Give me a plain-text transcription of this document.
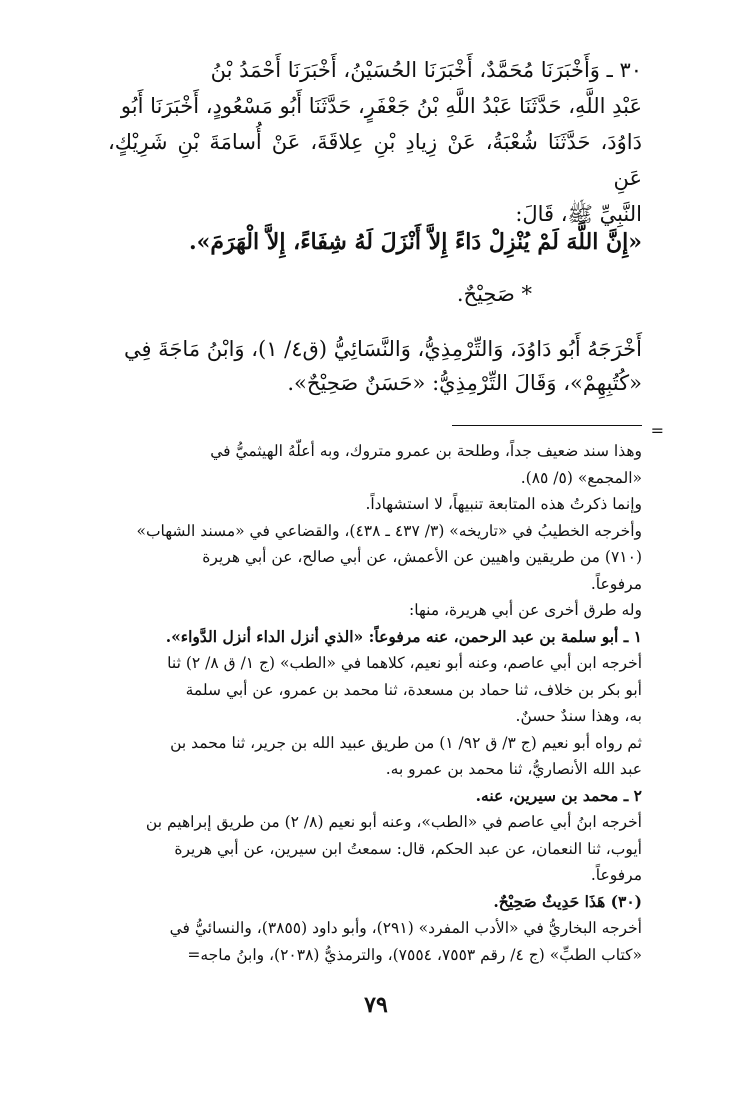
٣٠ ـ وَأَخْبَرَنَا مُحَمَّدٌ، أَخْبَرَنَا الحُسَيْنُ، أَخْبَرَنَا أَحْمَدُ بْنُ

عَبْدِ اللَّهِ، حَدَّثَنَا عَبْدُ اللَّهِ بْنُ جَعْفَرٍ، حَدَّثَنَا أَبُو مَسْعُودٍ، أَخْبَرَنَا أَبُو

دَاوُدَ، حَدَّثَنَا شُعْبَةُ، عَنْ زِيادِ بْنِ عِلاقَةَ، عَنْ أُسامَةَ بْنِ شَرِيْكٍ، عَنِ

النَّبِيِّ ﷺ، قَالَ:

«إِنَّ اللَّهَ لَمْ يُنْزِلْ دَاءً إِلاَّ أَنْزَلَ لَهُ شِفَاءً، إِلاَّ الْهَرَمَ».
* صَحِيْحٌ.

أَخْرَجَهُ أَبُو دَاوُدَ، وَالتِّرْمِذِيُّ، وَالنَّسَائِيُّ (ق٤/ ١)، وَابْنُ مَاجَةَ فِي

«كُتُبِهِمْ»، وَقَالَ التِّرْمِذِيُّ: «حَسَنٌ صَحِيْحٌ».

=

وهذا سند ضعيف جداً، وطلحة بن عمرو متروك، وبه أعلّهُ الهيثميُّ في

«المجمع» (٥/ ٨٥).

وإنما ذكرتُ هذه المتابعة تنبيهاً، لا استشهاداً.

وأخرجه الخطيبُ في «تاريخه» (٣/ ٤٣٧ ـ ٤٣٨)، والقضاعي في «مسند الشهاب»

(٧١٠) من طريقين واهيين عن الأعمش، عن أبي صالح، عن أبي هريرة

مرفوعاً.

وله طرق أخرى عن أبي هريرة، منها:

١ ـ أبو سلمة بن عبد الرحمن، عنه مرفوعاً: «الذي أنزل الداء أنزل الدَّواء».

أخرجه ابن أبي عاصم، وعنه أبو نعيم، كلاهما في «الطب» (ج ١/ ق ٨/ ٢) ثنا

أبو بكر بن خلاف، ثنا حماد بن مسعدة، ثنا محمد بن عمرو، عن أبي سلمة

به، وهذا سندٌ حسنٌ.

ثم رواه أبو نعيم (ج ٣/ ق ٩٢/ ١) من طريق عبيد الله بن جرير، ثنا محمد بن

عبد الله الأنصاريُّ، ثنا محمد بن عمرو به.

٢ ـ محمد بن سيرين، عنه.

أخرجه ابنُ أبي عاصم في «الطب»، وعنه أبو نعيم (٨/ ٢) من طريق إبراهيم بن

أيوب، ثنا النعمان، عن عبد الحكم، قال: سمعتُ ابن سيرين، عن أبي هريرة

مرفوعاً.

(٣٠) هَذَا حَدِيثٌ صَحِيْحٌ.

أخرجه البخاريُّ في «الأدب المفرد» (٢٩١)، وأبو داود (٣٨٥٥)، والنسائيُّ في

«كتاب الطبِّ» (ج ٤/ رقم ٧٥٥٣، ٧٥٥٤)، والترمذيُّ (٢٠٣٨)، وابنُ ماجه=

٧٩
